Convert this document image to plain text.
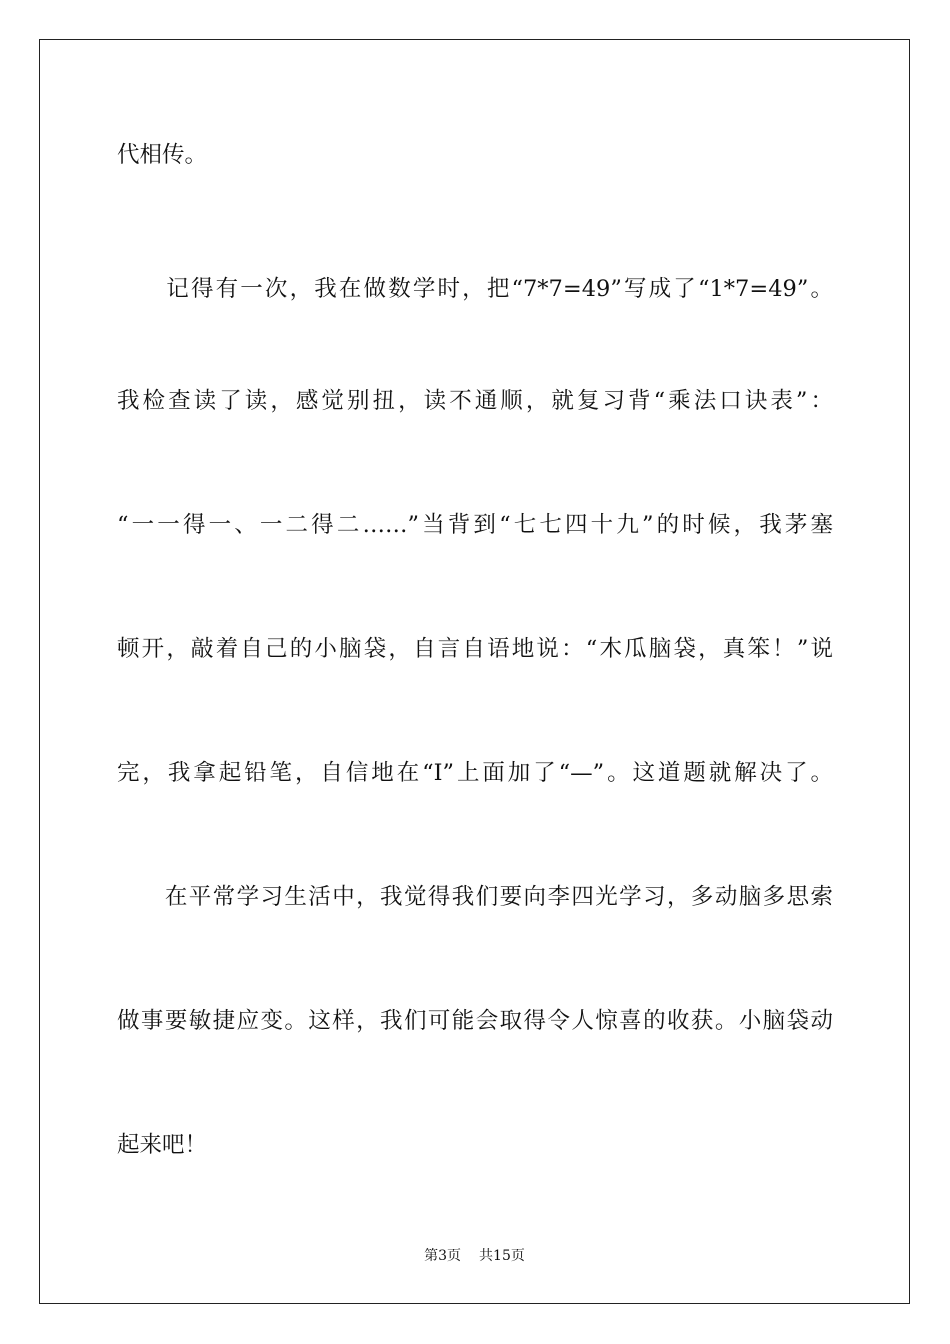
代相传。
　　记得有一次，我在做数学时，把“7*7=49”写成了“1*7=49”。
我检查读了读，感觉别扭，读不通顺，就复习背“乘法口诀表”：
“一一得一、一二得二……”当背到“七七四十九”的时候，我茅塞
顿开，敲着自己的小脑袋，自言自语地说：“木瓜脑袋，真笨！”说
完，我拿起铅笔，自信地在“I”上面加了“—”。这道题就解决了。
　　在平常学习生活中，我觉得我们要向李四光学习，多动脑多思索
做事要敏捷应变。这样，我们可能会取得令人惊喜的收获。小脑袋动
起来吧！
第3页 共15页
